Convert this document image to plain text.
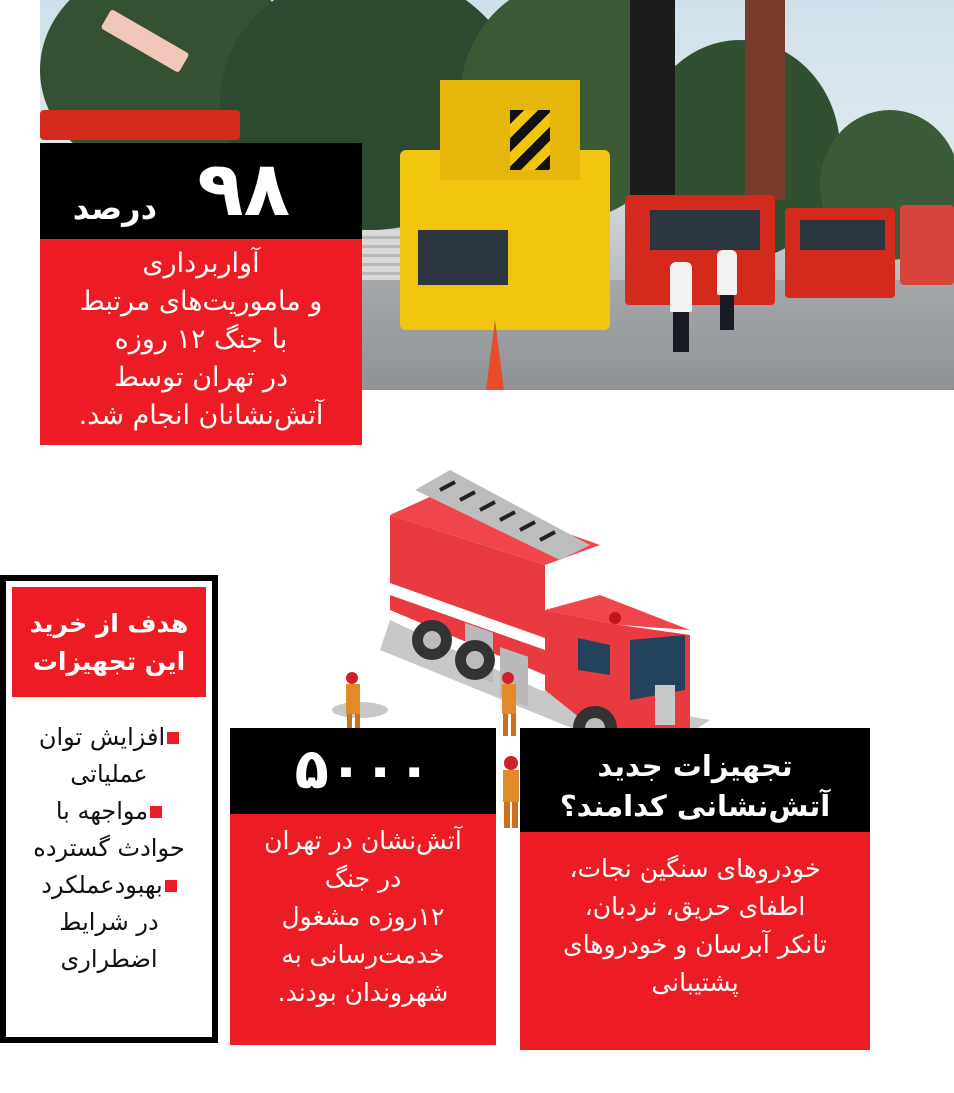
۹۸
درصد
آواربرداری
و ماموریت‌های مرتبط
با جنگ ۱۲ روزه
در تهران توسط
آتش‌نشانان انجام شد.
هدف از خرید
این تجهیزات
افزایش توان
عملیاتی
مواجهه با
حوادث گسترده
بهبودعملکرد
در شرایط
اضطراری
۵۰۰۰
آتش‌نشان در تهران
در جنگ
۱۲روزه مشغول
خدمت‌رسانی به
شهروندان بودند.
تجهیزات جدید
آتش‌نشانی کدامند؟
خودروهای سنگین نجات،
اطفای حریق، نردبان،
تانکر آبرسان و خودروهای
پشتیبانی
